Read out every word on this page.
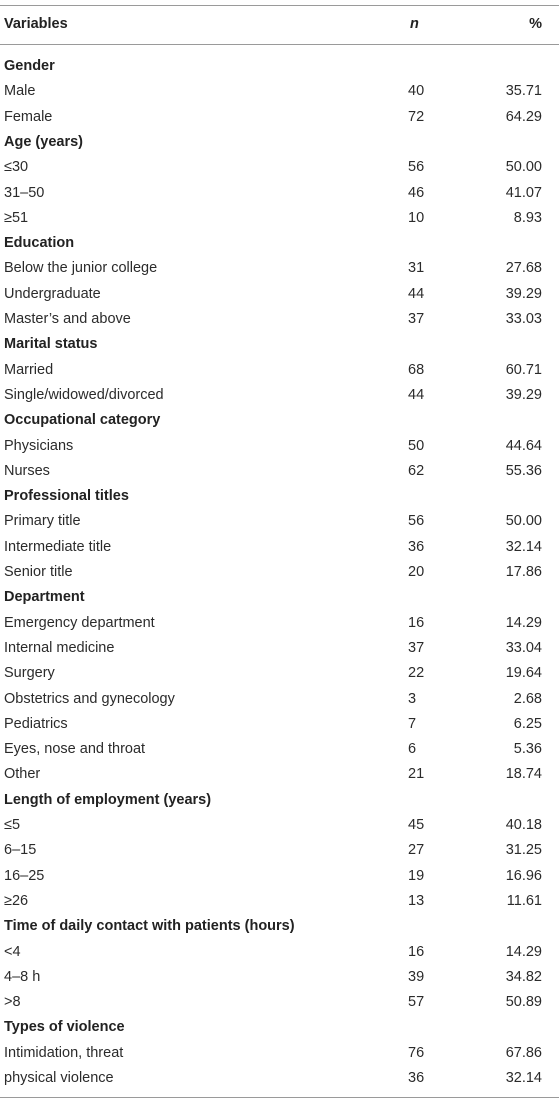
Variables	n	%
Gender
Male	40	35.71
Female	72	64.29
Age (years)
≤30	56	50.00
31–50	46	41.07
≥51	10	8.93
Education
Below the junior college	31	27.68
Undergraduate	44	39.29
Master’s and above	37	33.03
Marital status
Married	68	60.71
Single/widowed/divorced	44	39.29
Occupational category
Physicians	50	44.64
Nurses	62	55.36
Professional titles
Primary title	56	50.00
Intermediate title	36	32.14
Senior title	20	17.86
Department
Emergency department	16	14.29
Internal medicine	37	33.04
Surgery	22	19.64
Obstetrics and gynecology	3	2.68
Pediatrics	7	6.25
Eyes, nose and throat	6	5.36
Other	21	18.74
Length of employment (years)
≤5	45	40.18
6–15	27	31.25
16–25	19	16.96
≥26	13	11.61
Time of daily contact with patients (hours)
<4	16	14.29
4–8 h	39	34.82
>8	57	50.89
Types of violence
Intimidation, threat	76	67.86
physical violence	36	32.14
